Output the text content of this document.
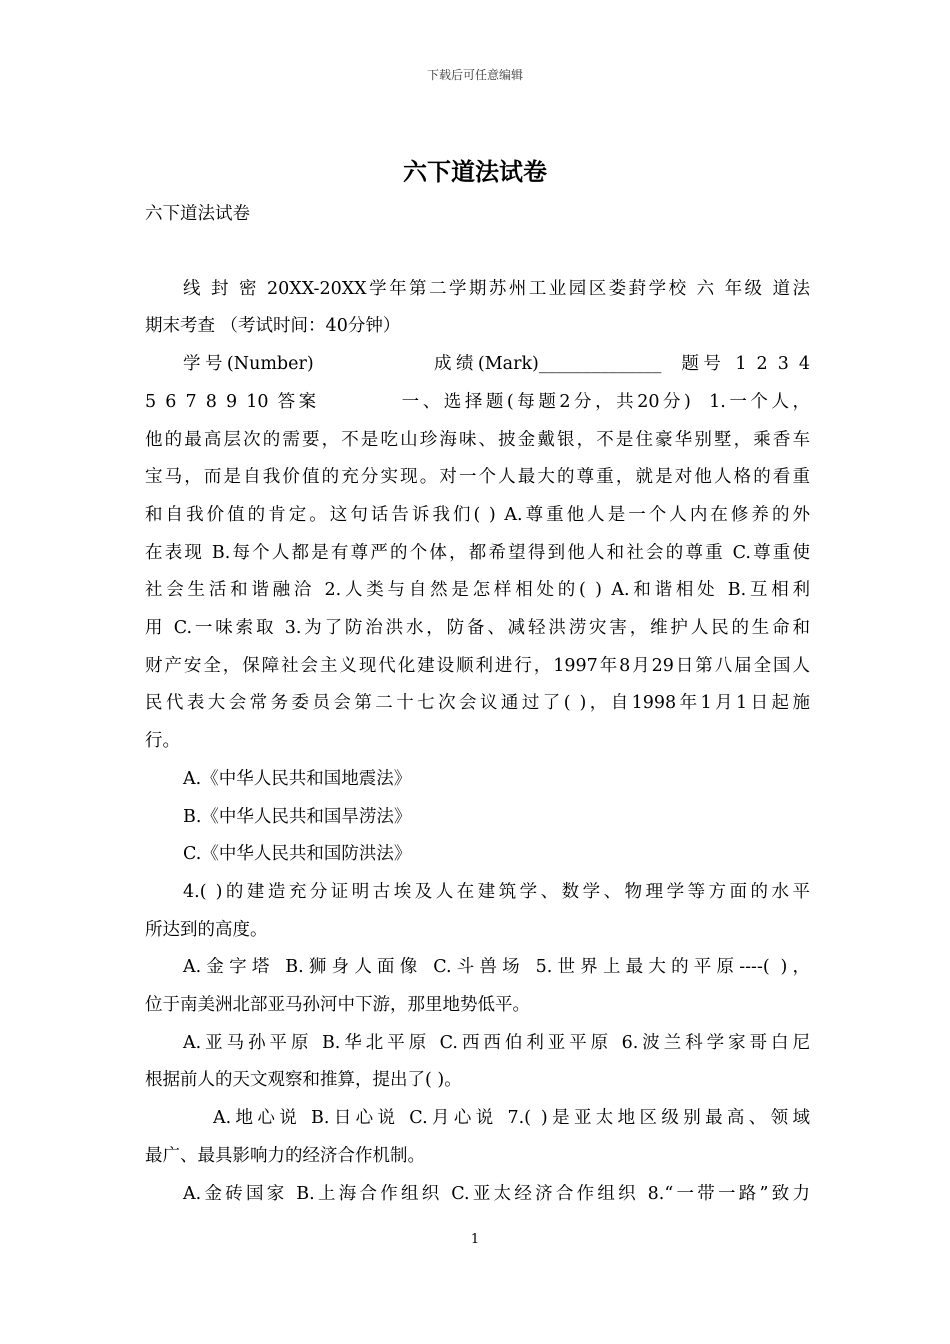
下载后可任意编辑
六下道法试卷

六下道法试卷

线 封 密 20XX-20XX学年第二学期苏州工业园区娄葑学校 六 年级 道法

期末考查 （考试时间：40分钟）

学号(Number)            成绩(Mark)______________  题号 1 2 3 4

5 6 7 8 9 10 答案         一、选择题(每题2分，共20分)  1.一个人，

他的最高层次的需要，不是吃山珍海味、披金戴银，不是住豪华别墅，乘香车

宝马，而是自我价值的充分实现。对一个人最大的尊重，就是对他人格的看重

和自我价值的肯定。这句话告诉我们( ) A.尊重他人是一个人内在修养的外

在表现 B.每个人都是有尊严的个体，都希望得到他人和社会的尊重 C.尊重使

社会生活和谐融洽 2.人类与自然是怎样相处的( ) A.和谐相处 B.互相利

用 C.一味索取 3.为了防治洪水，防备、减轻洪涝灾害，维护人民的生命和

财产安全，保障社会主义现代化建设顺利进行，1997年8月29日第八届全国人

民代表大会常务委员会第二十七次会议通过了( )，自1998年1月1日起施

行。

A.《中华人民共和国地震法》

B.《中华人民共和国旱涝法》

C.《中华人民共和国防洪法》

4.( )的建造充分证明古埃及人在建筑学、数学、物理学等方面的水平

所达到的高度。

A.金字塔 B.狮身人面像 C.斗兽场 5.世界上最大的平原----( )，

位于南美洲北部亚马孙河中下游，那里地势低平。

A.亚马孙平原 B.华北平原 C.西西伯利亚平原 6.波兰科学家哥白尼

根据前人的天文观察和推算，提出了( )。

A.地心说 B.日心说 C.月心说 7.( )是亚太地区级别最高、领域

最广、最具影响力的经济合作机制。

A.金砖国家 B.上海合作组织 C.亚太经济合作组织 8.“一带一路”致力

1
